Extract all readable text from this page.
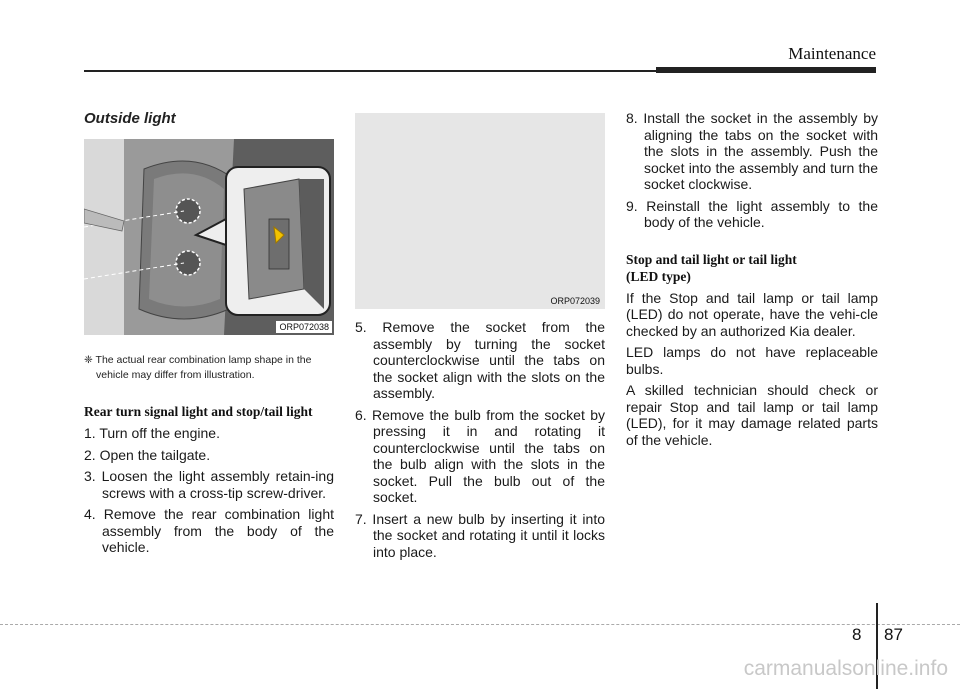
Maintenance
Outside light
ORP072038
❈ The actual rear combination lamp shape in the vehicle may differ from illustration.
Rear turn signal light and stop/tail light
1. Turn off the engine.
2. Open the tailgate.
3. Loosen the light assembly retain-ing screws with a cross-tip screw-driver.
4. Remove the rear combination light assembly from the body of the vehicle.
ORP072039
5. Remove the socket from the assembly by turning the socket counterclockwise until the tabs on the socket align with the slots on the assembly.
6. Remove the bulb from the socket by pressing it in and rotating it counterclockwise until the tabs on the bulb align with the slots in the socket. Pull the bulb out of the socket.
7. Insert a new bulb by inserting it into the socket and rotating it until it locks into place.
8. Install the socket in the assembly by aligning the tabs on the socket with the slots in the assembly. Push the socket into the assembly and turn the socket clockwise.
9. Reinstall the light assembly to the body of the vehicle.
Stop and tail light or tail light
(LED type)
If the Stop and tail lamp or tail lamp (LED) do not operate, have the vehi-cle checked by an authorized Kia dealer.
LED lamps do not have replaceable bulbs.
A skilled technician should check or repair Stop and tail lamp or tail lamp (LED), for it may damage related parts of the vehicle.
8 87
carmanualsonline.info
